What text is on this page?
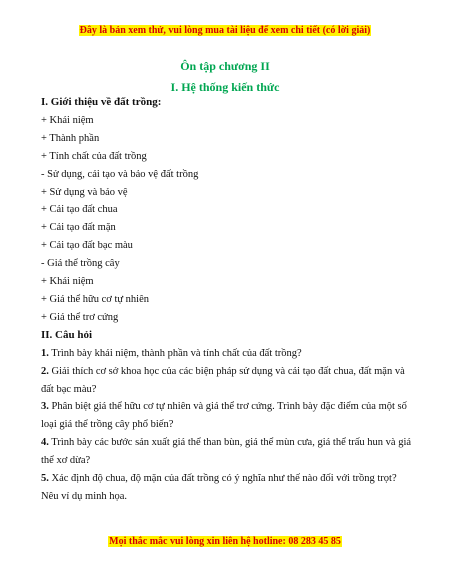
Đây là bản xem thử, vui lòng mua tài liệu để xem chi tiết (có lời giải)
Ôn tập chương II
I. Hệ thống kiến thức
I. Giới thiệu về đất trồng:
+ Khái niệm
+ Thành phần
+ Tính chất của đất trồng
- Sử dụng, cải tạo và bảo vệ đất trồng
+ Sử dụng và bảo vệ
+ Cải tạo đất chua
+ Cải tạo đất mặn
+ Cải tạo đất bạc màu
- Giá thể trồng cây
+ Khái niệm
+ Giá thể hữu cơ tự nhiên
+ Giá thể trơ cứng
II. Câu hỏi
1. Trình bày khái niệm, thành phần và tính chất của đất trồng?
2. Giải thích cơ sở khoa học của các biện pháp sử dụng và cải tạo đất chua, đất mặn và đất bạc màu?
3. Phân biệt giá thể hữu cơ tự nhiên và giá thể trơ cứng. Trình bày đặc điểm của một số loại giá thể trồng cây phổ biến?
4. Trình bày các bước sản xuất giá thể than bùn, giá thể mùn cưa, giá thể trấu hun và giá thể xơ dừa?
5. Xác định độ chua, độ mặn của đất trồng có ý nghĩa như thế nào đối với trồng trọt? Nêu ví dụ minh họa.
Mọi thắc mắc vui lòng xin liên hệ hotline: 08 283 45 85
